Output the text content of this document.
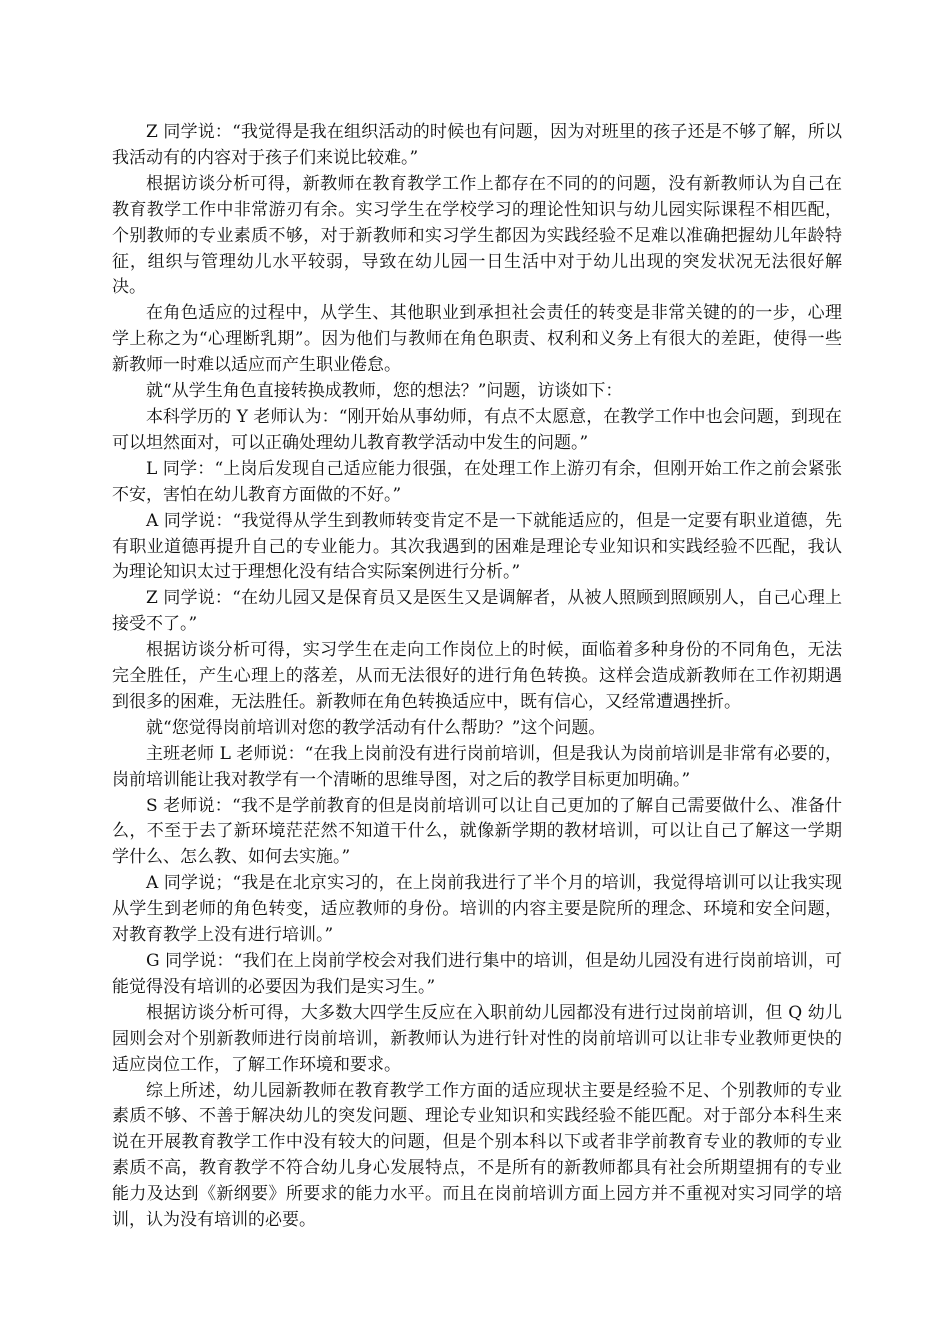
Z 同学说：“我觉得是我在组织活动的时候也有问题，因为对班里的孩子还是不够了解，所以我活动有的内容对于孩子们来说比较难。”

根据访谈分析可得，新教师在教育教学工作上都存在不同的的问题，没有新教师认为自己在教育教学工作中非常游刃有余。实习学生在学校学习的理论性知识与幼儿园实际课程不相匹配，个别教师的专业素质不够，对于新教师和实习学生都因为实践经验不足难以准确把握幼儿年龄特征，组织与管理幼儿水平较弱，导致在幼儿园一日生活中对于幼儿出现的突发状况无法很好解决。

在角色适应的过程中，从学生、其他职业到承担社会责任的转变是非常关键的的一步，心理学上称之为“心理断乳期”。因为他们与教师在角色职责、权利和义务上有很大的差距，使得一些新教师一时难以适应而产生职业倦怠。

就“从学生角色直接转换成教师，您的想法？”问题，访谈如下：

本科学历的 Y 老师认为：“刚开始从事幼师，有点不太愿意，在教学工作中也会问题，到现在可以坦然面对，可以正确处理幼儿教育教学活动中发生的问题。”

L 同学：“上岗后发现自己适应能力很强，在处理工作上游刃有余，但刚开始工作之前会紧张不安，害怕在幼儿教育方面做的不好。”

A 同学说：“我觉得从学生到教师转变肯定不是一下就能适应的，但是一定要有职业道德，先有职业道德再提升自己的专业能力。其次我遇到的困难是理论专业知识和实践经验不匹配，我认为理论知识太过于理想化没有结合实际案例进行分析。”

Z 同学说：“在幼儿园又是保育员又是医生又是调解者，从被人照顾到照顾别人，自己心理上接受不了。”

根据访谈分析可得，实习学生在走向工作岗位上的时候，面临着多种身份的不同角色，无法完全胜任，产生心理上的落差，从而无法很好的进行角色转换。这样会造成新教师在工作初期遇到很多的困难，无法胜任。新教师在角色转换适应中，既有信心，又经常遭遇挫折。

就“您觉得岗前培训对您的教学活动有什么帮助？”这个问题。

主班老师 L 老师说：“在我上岗前没有进行岗前培训，但是我认为岗前培训是非常有必要的，岗前培训能让我对教学有一个清晰的思维导图，对之后的教学目标更加明确。”

S 老师说：“我不是学前教育的但是岗前培训可以让自己更加的了解自己需要做什么、准备什么，不至于去了新环境茫茫然不知道干什么，就像新学期的教材培训，可以让自己了解这一学期学什么、怎么教、如何去实施。”

A 同学说；“我是在北京实习的，在上岗前我进行了半个月的培训，我觉得培训可以让我实现从学生到老师的角色转变，适应教师的身份。培训的内容主要是院所的理念、环境和安全问题，对教育教学上没有进行培训。”

G 同学说：“我们在上岗前学校会对我们进行集中的培训，但是幼儿园没有进行岗前培训，可能觉得没有培训的必要因为我们是实习生。”

根据访谈分析可得，大多数大四学生反应在入职前幼儿园都没有进行过岗前培训，但 Q 幼儿园则会对个别新教师进行岗前培训，新教师认为进行针对性的岗前培训可以让非专业教师更快的适应岗位工作，了解工作环境和要求。

综上所述，幼儿园新教师在教育教学工作方面的适应现状主要是经验不足、个别教师的专业素质不够、不善于解决幼儿的突发问题、理论专业知识和实践经验不能匹配。对于部分本科生来说在开展教育教学工作中没有较大的问题，但是个别本科以下或者非学前教育专业的教师的专业素质不高，教育教学不符合幼儿身心发展特点，不是所有的新教师都具有社会所期望拥有的专业能力及达到《新纲要》所要求的能力水平。而且在岗前培训方面上园方并不重视对实习同学的培训，认为没有培训的必要。
